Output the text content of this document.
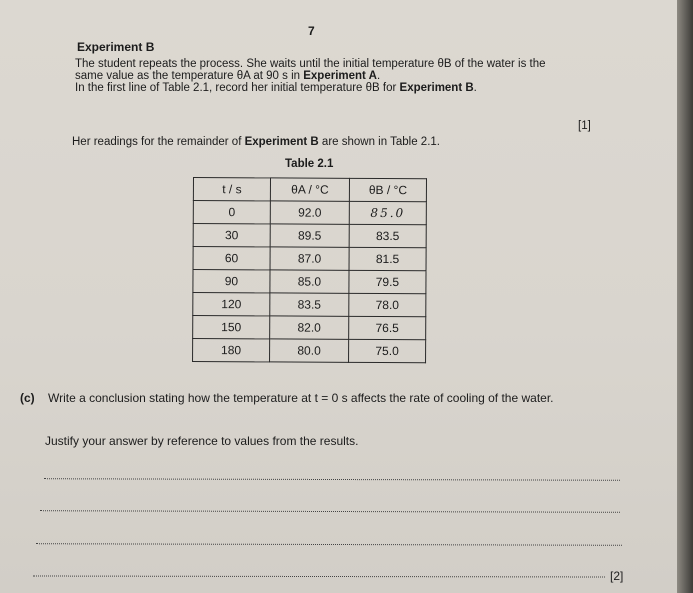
7
Experiment B
The student repeats the process. She waits until the initial temperature θB of the water is the
same value as the temperature θA at 90 s in Experiment A.
In the first line of Table 2.1, record her initial temperature θB for Experiment B.
[1]
Her readings for the remainder of Experiment B are shown in Table 2.1.
Table 2.1
t / s	θA / °C	θB / °C
0	92.0	85.0
30	89.5	83.5
60	87.0	81.5
90	85.0	79.5
120	83.5	78.0
150	82.0	76.5
180	80.0	75.0
(c) Write a conclusion stating how the temperature at t = 0 s affects the rate of cooling of the water.
Justify your answer by reference to values from the results.
[2]
